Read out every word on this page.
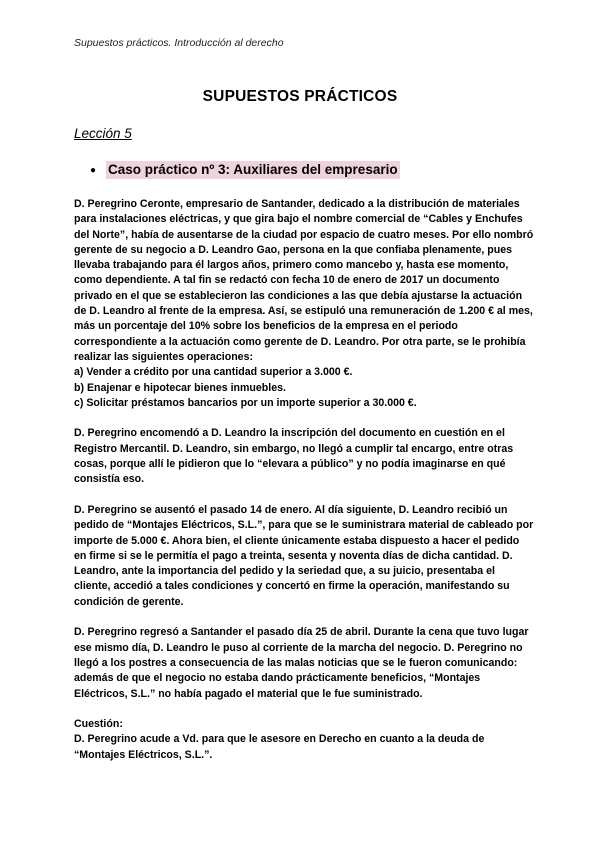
Supuestos prácticos. Introducción al derecho
SUPUESTOS PRÁCTICOS
Lección 5
● Caso práctico nº 3: Auxiliares del empresario

D. Peregrino Ceronte, empresario de Santander, dedicado a la distribución de materiales para instalaciones eléctricas, y que gira bajo el nombre comercial de “Cables y Enchufes del Norte”, había de ausentarse de la ciudad por espacio de cuatro meses. Por ello nombró gerente de su negocio a D. Leandro Gao, persona en la que confiaba plenamente, pues llevaba trabajando para él largos años, primero como mancebo y, hasta ese momento, como dependiente. A tal fin se redactó con fecha 10 de enero de 2017 un documento privado en el que se establecieron las condiciones a las que debía ajustarse la actuación de D. Leandro al frente de la empresa. Así, se estipuló una remuneración de 1.200 € al mes, más un porcentaje del 10% sobre los beneficios de la empresa en el periodo correspondiente a la actuación como gerente de D. Leandro. Por otra parte, se le prohibía realizar las siguientes operaciones:
a) Vender a crédito por una cantidad superior a 3.000 €.
b) Enajenar e hipotecar bienes inmuebles.
c) Solicitar préstamos bancarios por un importe superior a 30.000 €.

D. Peregrino encomendó a D. Leandro la inscripción del documento en cuestión en el Registro Mercantil. D. Leandro, sin embargo, no llegó a cumplir tal encargo, entre otras cosas, porque allí le pidieron que lo “elevara a público” y no podía imaginarse en qué consistía eso.

D. Peregrino se ausentó el pasado 14 de enero. Al día siguiente, D. Leandro recibió un pedido de “Montajes Eléctricos, S.L.”, para que se le suministrara material de cableado por importe de 5.000 €. Ahora bien, el cliente únicamente estaba dispuesto a hacer el pedido en firme si se le permitía el pago a treinta, sesenta y noventa días de dicha cantidad. D. Leandro, ante la importancia del pedido y la seriedad que, a su juicio, presentaba el cliente, accedió a tales condiciones y concertó en firme la operación, manifestando su condición de gerente.

D. Peregrino regresó a Santander el pasado día 25 de abril. Durante la cena que tuvo lugar ese mismo día, D. Leandro le puso al corriente de la marcha del negocio. D. Peregrino no llegó a los postres a consecuencia de las malas noticias que se le fueron comunicando: además de que el negocio no estaba dando prácticamente beneficios, “Montajes Eléctricos, S.L.” no había pagado el material que le fue suministrado.

Cuestión:
D. Peregrino acude a Vd. para que le asesore en Derecho en cuanto a la deuda de “Montajes Eléctricos, S.L.”.
